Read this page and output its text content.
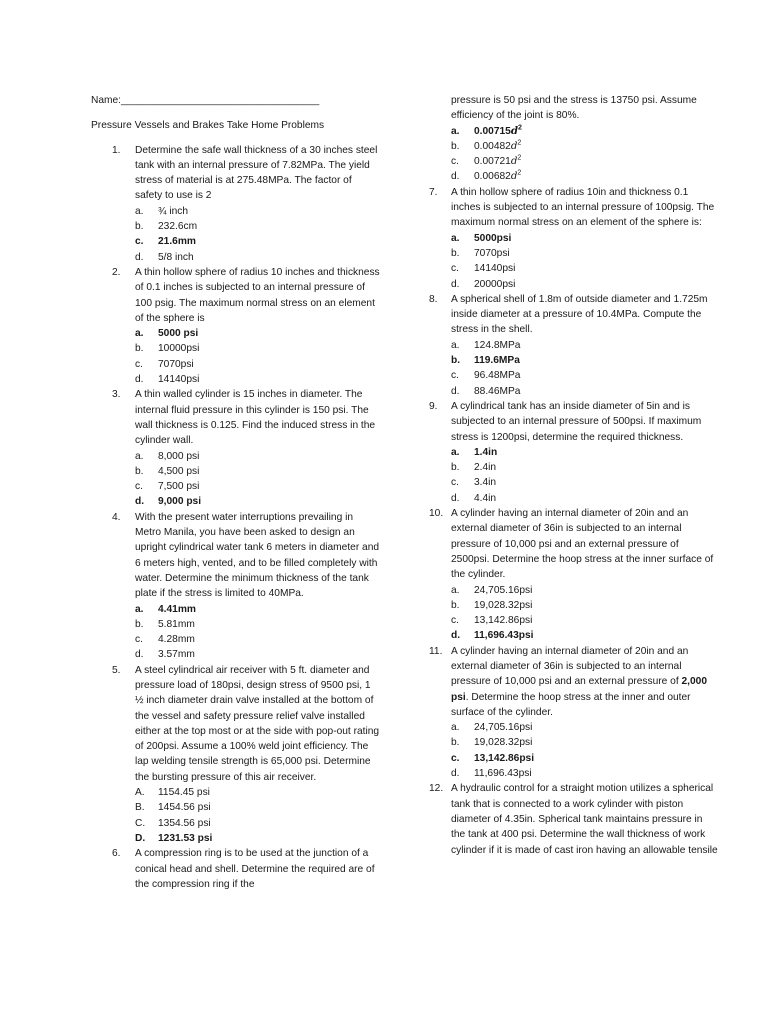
Name:___________________________________
Pressure Vessels and Brakes Take Home Problems
1. Determine the safe wall thickness of a 30 inches steel tank with an internal pressure of 7.82MPa. The yield stress of material is at 275.48MPa. The factor of safety to use is 2
a. ¾ inch
b. 232.6cm
c. 21.6mm
d. 5/8 inch
2. A thin hollow sphere of radius 10 inches and thickness of 0.1 inches is subjected to an internal pressure of 100 psig. The maximum normal stress on an element of the sphere is
a. 5000 psi
b. 10000psi
c. 7070psi
d. 14140psi
3. A thin walled cylinder is 15 inches in diameter. The internal fluid pressure in this cylinder is 150 psi. The wall thickness is 0.125. Find the induced stress in the cylinder wall.
a. 8,000 psi
b. 4,500 psi
c. 7,500 psi
d. 9,000 psi
4. With the present water interruptions prevailing in Metro Manila, you have been asked to design an upright cylindrical water tank 6 meters in diameter and 6 meters high, vented, and to be filled completely with water. Determine the minimum thickness of the tank plate if the stress is limited to 40MPa.
a. 4.41mm
b. 5.81mm
c. 4.28mm
d. 3.57mm
5. A steel cylindrical air receiver with 5 ft. diameter and pressure load of 180psi, design stress of 9500 psi, 1 ½ inch diameter drain valve installed at the bottom of the vessel and safety pressure relief valve installed either at the top most or at the side with pop-out rating of 200psi. Assume a 100% weld joint efficiency. The lap welding tensile strength is 65,000 psi. Determine the bursting pressure of this air receiver.
A. 1154.45 psi
B. 1454.56 psi
C. 1354.56 psi
D. 1231.53 psi
6. A compression ring is to be used at the junction of a conical head and shell. Determine the required are of the compression ring if the
pressure is 50 psi and the stress is 13750 psi. Assume efficiency of the joint is 80%.
a. $0.00715d^2$
b. $0.00482d^2$
c. $0.00721d^2$
d. $0.00682d^2$
7. A thin hollow sphere of radius 10in and thickness 0.1 inches is subjected to an internal pressure of 100psig. The maximum normal stress on an element of the sphere is:
a. 5000psi
b. 7070psi
c. 14140psi
d. 20000psi
8. A spherical shell of 1.8m of outside diameter and 1.725m inside diameter at a pressure of 10.4MPa. Compute the stress in the shell.
a. 124.8MPa
b. 119.6MPa
c. 96.48MPa
d. 88.46MPa
9. A cylindrical tank has an inside diameter of 5in and is subjected to an internal pressure of 500psi. If maximum stress is 1200psi, determine the required thickness.
a. 1.4in
b. 2.4in
c. 3.4in
d. 4.4in
10. A cylinder having an internal diameter of 20in and an external diameter of 36in is subjected to an internal pressure of 10,000 psi and an external pressure of 2500psi. Determine the hoop stress at the inner surface of the cylinder.
a. 24,705.16psi
b. 19,028.32psi
c. 13,142.86psi
d. 11,696.43psi
11. A cylinder having an internal diameter of 20in and an external diameter of 36in is subjected to an internal pressure of 10,000 psi and an external pressure of 2,000 psi. Determine the hoop stress at the inner and outer surface of the cylinder.
a. 24,705.16psi
b. 19,028.32psi
c. 13,142.86psi
d. 11,696.43psi
12. A hydraulic control for a straight motion utilizes a spherical tank that is connected to a work cylinder with piston diameter of 4.35in. Spherical tank maintains pressure in the tank at 400 psi. Determine the wall thickness of work cylinder if it is made of cast iron having an allowable tensile
